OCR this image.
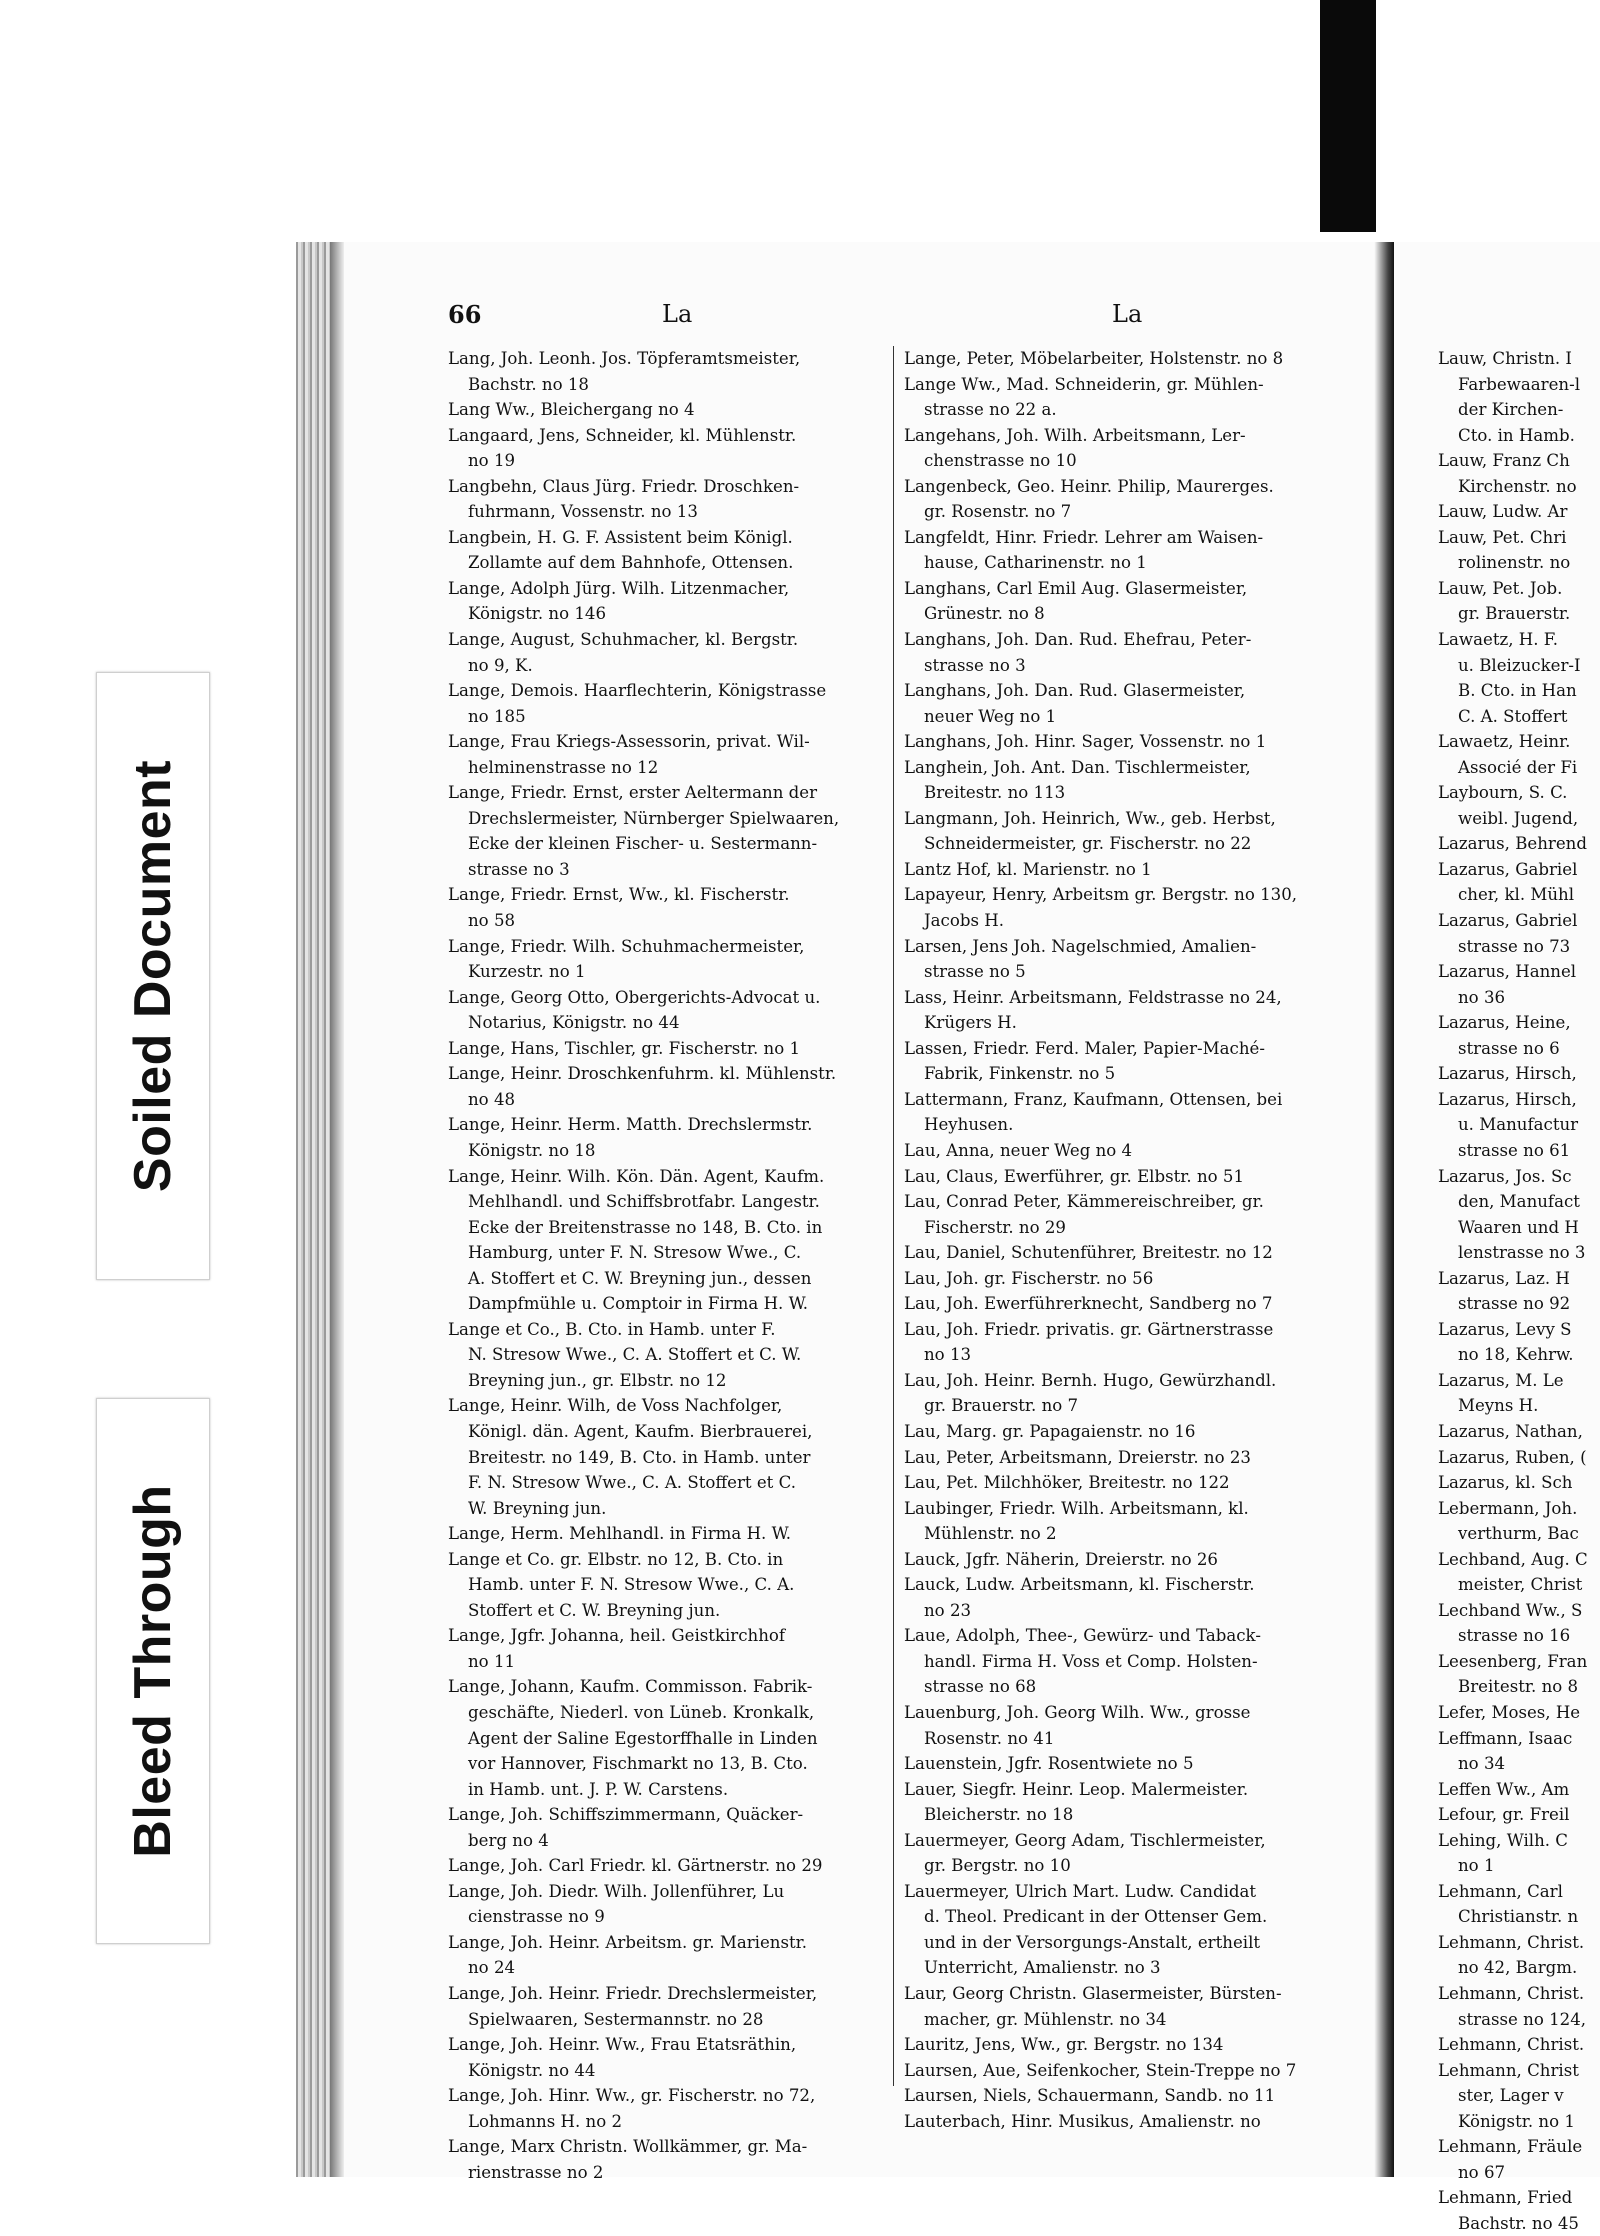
Soiled Document
Bleed Through
66	La	La
Lang, Joh. Leonh. Jos. Töpferamtsmeister,
Bachstr. no 18
Lang Ww., Bleichergang no 4
Langaard, Jens, Schneider, kl. Mühlenstr.
no 19
Langbehn, Claus Jürg. Friedr. Droschken-
fuhrmann, Vossenstr. no 13
Langbein, H. G. F. Assistent beim Königl.
Zollamte auf dem Bahnhofe, Ottensen.
Lange, Adolph Jürg. Wilh. Litzenmacher,
Königstr. no 146
Lange, August, Schuhmacher, kl. Bergstr.
no 9, K.
Lange, Demois. Haarflechterin, Königstrasse
no 185
Lange, Frau Kriegs-Assessorin, privat. Wil-
helminenstrasse no 12
Lange, Friedr. Ernst, erster Aeltermann der
Drechslermeister, Nürnberger Spielwaaren,
Ecke der kleinen Fischer- u. Sestermann-
strasse no 3
Lange, Friedr. Ernst, Ww., kl. Fischerstr.
no 58
Lange, Friedr. Wilh. Schuhmachermeister,
Kurzestr. no 1
Lange, Georg Otto, Obergerichts-Advocat u.
Notarius, Königstr. no 44
Lange, Hans, Tischler, gr. Fischerstr. no 1
Lange, Heinr. Droschkenfuhrm. kl. Mühlenstr.
no 48
Lange, Heinr. Herm. Matth. Drechslermstr.
Königstr. no 18
Lange, Heinr. Wilh. Kön. Dän. Agent, Kaufm.
Mehlhandl. und Schiffsbrotfabr. Langestr.
Ecke der Breitenstrasse no 148, B. Cto. in
Hamburg, unter F. N. Stresow Wwe., C.
A. Stoffert et C. W. Breyning jun., dessen
Dampfmühle u. Comptoir in Firma H. W.
Lange et Co., B. Cto. in Hamb. unter F.
N. Stresow Wwe., C. A. Stoffert et C. W.
Breyning jun., gr. Elbstr. no 12
Lange, Heinr. Wilh, de Voss Nachfolger,
Königl. dän. Agent, Kaufm. Bierbrauerei,
Breitestr. no 149, B. Cto. in Hamb. unter
F. N. Stresow Wwe., C. A. Stoffert et C.
W. Breyning jun.
Lange, Herm. Mehlhandl. in Firma H. W.
Lange et Co. gr. Elbstr. no 12, B. Cto. in
Hamb. unter F. N. Stresow Wwe., C. A.
Stoffert et C. W. Breyning jun.
Lange, Jgfr. Johanna, heil. Geistkirchhof
no 11
Lange, Johann, Kaufm. Commisson. Fabrik-
geschäfte, Niederl. von Lüneb. Kronkalk,
Agent der Saline Egestorffhalle in Linden
vor Hannover, Fischmarkt no 13, B. Cto.
in Hamb. unt. J. P. W. Carstens.
Lange, Joh. Schiffszimmermann, Quäcker-
berg no 4
Lange, Joh. Carl Friedr. kl. Gärtnerstr. no 29
Lange, Joh. Diedr. Wilh. Jollenführer, Lu
cienstrasse no 9
Lange, Joh. Heinr. Arbeitsm. gr. Marienstr.
no 24
Lange, Joh. Heinr. Friedr. Drechslermeister,
Spielwaaren, Sestermannstr. no 28
Lange, Joh. Heinr. Ww., Frau Etatsräthin,
Königstr. no 44
Lange, Joh. Hinr. Ww., gr. Fischerstr. no 72,
Lohmanns H. no 2
Lange, Marx Christn. Wollkämmer, gr. Ma-
rienstrasse no 2
Lange, Peter, Möbelarbeiter, Holstenstr. no 8
Lange Ww., Mad. Schneiderin, gr. Mühlen-
strasse no 22 a.
Langehans, Joh. Wilh. Arbeitsmann, Ler-
chenstrasse no 10
Langenbeck, Geo. Heinr. Philip, Maurerges.
gr. Rosenstr. no 7
Langfeldt, Hinr. Friedr. Lehrer am Waisen-
hause, Catharinenstr. no 1
Langhans, Carl Emil Aug. Glasermeister,
Grünestr. no 8
Langhans, Joh. Dan. Rud. Ehefrau, Peter-
strasse no 3
Langhans, Joh. Dan. Rud. Glasermeister,
neuer Weg no 1
Langhans, Joh. Hinr. Sager, Vossenstr. no 1
Langhein, Joh. Ant. Dan. Tischlermeister,
Breitestr. no 113
Langmann, Joh. Heinrich, Ww., geb. Herbst,
Schneidermeister, gr. Fischerstr. no 22
Lantz Hof, kl. Marienstr. no 1
Lapayeur, Henry, Arbeitsm gr. Bergstr. no 130,
Jacobs H.
Larsen, Jens Joh. Nagelschmied, Amalien-
strasse no 5
Lass, Heinr. Arbeitsmann, Feldstrasse no 24,
Krügers H.
Lassen, Friedr. Ferd. Maler, Papier-Maché-
Fabrik, Finkenstr. no 5
Lattermann, Franz, Kaufmann, Ottensen, bei
Heyhusen.
Lau, Anna, neuer Weg no 4
Lau, Claus, Ewerführer, gr. Elbstr. no 51
Lau, Conrad Peter, Kämmereischreiber, gr.
Fischerstr. no 29
Lau, Daniel, Schutenführer, Breitestr. no 12
Lau, Joh. gr. Fischerstr. no 56
Lau, Joh. Ewerführerknecht, Sandberg no 7
Lau, Joh. Friedr. privatis. gr. Gärtnerstrasse
no 13
Lau, Joh. Heinr. Bernh. Hugo, Gewürzhandl.
gr. Brauerstr. no 7
Lau, Marg. gr. Papagaienstr. no 16
Lau, Peter, Arbeitsmann, Dreierstr. no 23
Lau, Pet. Milchhöker, Breitestr. no 122
Laubinger, Friedr. Wilh. Arbeitsmann, kl.
Mühlenstr. no 2
Lauck, Jgfr. Näherin, Dreierstr. no 26
Lauck, Ludw. Arbeitsmann, kl. Fischerstr.
no 23
Laue, Adolph, Thee-, Gewürz- und Taback-
handl. Firma H. Voss et Comp. Holsten-
strasse no 68
Lauenburg, Joh. Georg Wilh. Ww., grosse
Rosenstr. no 41
Lauenstein, Jgfr. Rosentwiete no 5
Lauer, Siegfr. Heinr. Leop. Malermeister.
Bleicherstr. no 18
Lauermeyer, Georg Adam, Tischlermeister,
gr. Bergstr. no 10
Lauermeyer, Ulrich Mart. Ludw. Candidat
d. Theol. Predicant in der Ottenser Gem.
und in der Versorgungs-Anstalt, ertheilt
Unterricht, Amalienstr. no 3
Laur, Georg Christn. Glasermeister, Bürsten-
macher, gr. Mühlenstr. no 34
Lauritz, Jens, Ww., gr. Bergstr. no 134
Laursen, Aue, Seifenkocher, Stein-Treppe no 7
Laursen, Niels, Schauermann, Sandb. no 11
Lauterbach, Hinr. Musikus, Amalienstr. no
Lauw, Christn. I
Farbewaaren-l
der Kirchen-
Cto. in Hamb.
Lauw, Franz Ch
Kirchenstr. no
Lauw, Ludw. Ar
Lauw, Pet. Chri
rolinenstr. no
Lauw, Pet. Job.
gr. Brauerstr.
Lawaetz, H. F.
u. Bleizucker-I
B. Cto. in Han
C. A. Stoffert
Lawaetz, Heinr.
Associé der Fi
Laybourn, S. C.
weibl. Jugend,
Lazarus, Behrend
Lazarus, Gabriel
cher, kl. Mühl
Lazarus, Gabriel
strasse no 73
Lazarus, Hannel
no 36
Lazarus, Heine,
strasse no 6
Lazarus, Hirsch,
Lazarus, Hirsch,
u. Manufactur
strasse no 61
Lazarus, Jos. Sc
den, Manufact
Waaren und H
lenstrasse no 3
Lazarus, Laz. H
strasse no 92
Lazarus, Levy S
no 18, Kehrw.
Lazarus, M. Le
Meyns H.
Lazarus, Nathan,
Lazarus, Ruben, (
Lazarus, kl. Sch
Lebermann, Joh.
verthurm, Bac
Lechband, Aug. C
meister, Christ
Lechband Ww., S
strasse no 16
Leesenberg, Fran
Breitestr. no 8
Lefer, Moses, He
Leffmann, Isaac
no 34
Leffen Ww., Am
Lefour, gr. Freil
Lehing, Wilh. C
no 1
Lehmann, Carl
Christianstr. n
Lehmann, Christ.
no 42, Bargm.
Lehmann, Christ.
strasse no 124,
Lehmann, Christ.
Lehmann, Christ
ster, Lager v
Königstr. no 1
Lehmann, Fräule
no 67
Lehmann, Fried
Bachstr. no 45
